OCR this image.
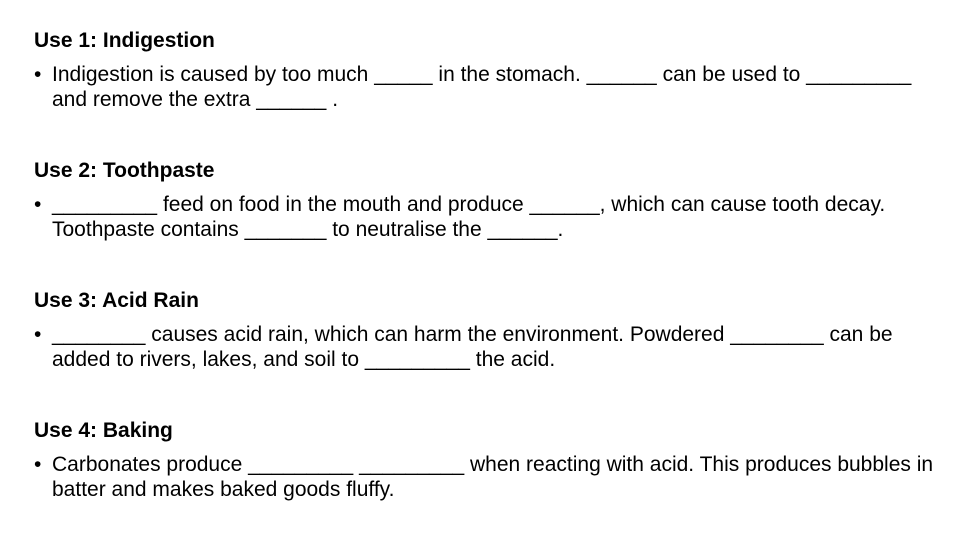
Use 1: Indigestion

• Indigestion is caused by too much _____ in the stomach. ______ can be used to _________ and remove the extra ______ .

Use 2: Toothpaste

• _________ feed on food in the mouth and produce ______, which can cause tooth decay. Toothpaste contains _______ to neutralise the ______.

Use 3: Acid Rain

• ________ causes acid rain, which can harm the environment. Powdered ________ can be added to rivers, lakes, and soil to _________ the acid.

Use 4: Baking

• Carbonates produce _________ _________ when reacting with acid. This produces bubbles in batter and makes baked goods fluffy.
